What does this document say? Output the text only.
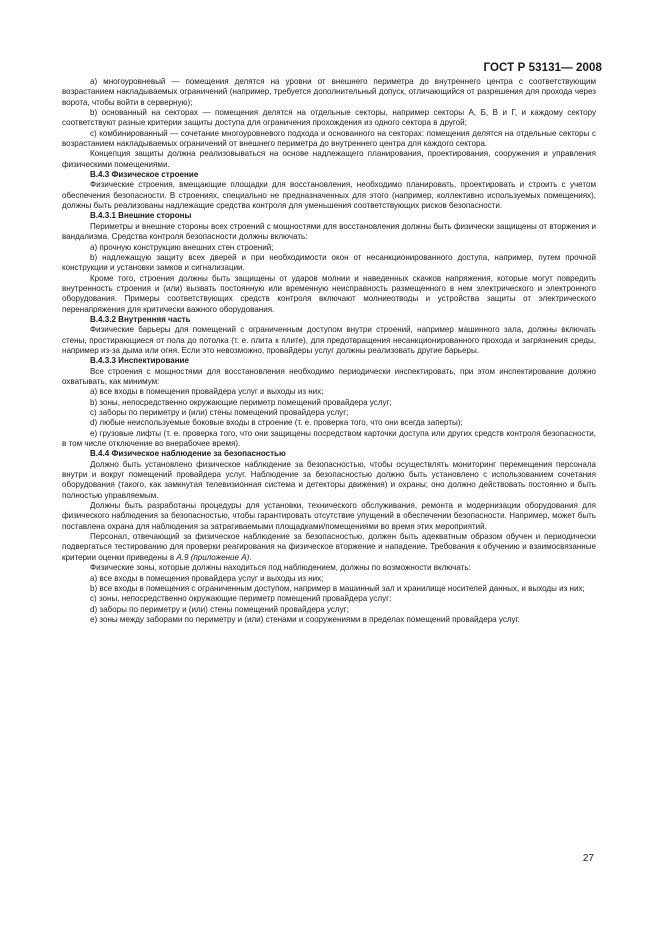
ГОСТ Р 53131— 2008

а) многоуровневый — помещения делятся на уровни от внешнего периметра до внутреннего центра с соответствующим возрастанием накладываемых ограничений (например, требуется дополнительный допуск, отличающийся от разрешения для прохода через ворота, чтобы войти в серверную);

b) основанный на секторах — помещения делятся на отдельные секторы, например секторы А, Б, В и Г, и каждому сектору соответствуют разные критерии защиты доступа для ограничения прохождения из одного сектора в другой;

с) комбинированный — сочетание многоуровневого подхода и основанного на секторах: помещения делятся на отдельные секторы с возрастанием накладываемых ограничений от внешнего периметра до внутреннего центра для каждого сектора.

Концепция защиты должна реализовываться на основе надлежащего планирования, проектирования, сооружения и управления физическими помещениями.

В.4.3 Физическое строение

Физические строения, вмещающие площадки для восстановления, необходимо планировать, проектировать и строить с учетом обеспечения безопасности. В строениях, специально не предназначенных для этого (например, коллективно используемых помещениях), должны быть реализованы надлежащие средства контроля для уменьшения соответствующих рисков безопасности.

В.4.3.1 Внешние стороны

Периметры и внешние стороны всех строений с мощностями для восстановления должны быть физически защищены от вторжения и вандализма. Средства контроля безопасности должны включать:

а) прочную конструкцию внешних стен строений;

b) надлежащую защиту всех дверей и при необходимости окон от несанкционированного доступа, например, путем прочной конструкции и установки замков и сигнализации.

Кроме того, строения должны быть защищены от ударов молнии и наведенных скачков напряжения, которые могут повредить внутренность строения и (или) вызвать постоянную или временную неисправность размещенного в нем электрического и электронного оборудования. Примеры соответствующих средств контроля включают молниеотводы и устройства защиты от электрического перенапряжения для критически важного оборудования.

В.4.3.2 Внутренняя часть

Физические барьеры для помещений с ограниченным доступом внутри строений, например машинного зала, должны включать стены, простирающиеся от пола до потолка (т. е. плита к плите), для предотвращения несанкционированного прохода и загрязнения среды, например из-за дыма или огня. Если это невозможно, провайдеры услуг должны реализовать другие барьеры.

В.4.3.3 Инспектирование

Все строения с мощностями для восстановления необходимо периодически инспектировать, при этом инспектирование должно охватывать, как минимум:

а) все входы в помещения провайдера услуг и выходы из них;

b) зоны, непосредственно окружающие периметр помещений провайдера услуг;

с) заборы по периметру и (или) стены помещений провайдера услуг;

d) любые неиспользуемые боковые входы в строение (т. е. проверка того, что они всегда заперты);

е) грузовые лифты (т. е. проверка того, что они защищены посредством карточки доступа или других средств контроля безопасности, в том числе отключение во внерабочее время).

В.4.4 Физическое наблюдение за безопасностью

Должно быть установлено физическое наблюдение за безопасностью, чтобы осуществлять мониторинг перемещения персонала внутри и вокруг помещений провайдера услуг. Наблюдение за безопасностью должно быть установлено с использованием сочетания оборудования (такого, как замкнутая телевизионная система и детекторы движения) и охраны; оно должно действовать постоянно и быть полностью управляемым.

Должны быть разработаны процедуры для установки, технического обслуживания, ремонта и модернизации оборудования для физического наблюдения за безопасностью, чтобы гарантировать отсутствие упущений в обеспечении безопасности. Например, может быть поставлена охрана для наблюдения за затрагиваемыми площадками/помещениями во время этих мероприятий.

Персонал, отвечающий за физическое наблюдение за безопасностью, должен быть адекватным образом обучен и периодически подвергаться тестированию для проверки реагирования на физическое вторжение и нападение. Требования к обучению и взаимосвязанные критерии оценки приведены в А.9 (приложение А).

Физические зоны, которые должны находиться под наблюдением, должны по возможности включать:

а) все входы в помещения провайдера услуг и выходы из них;

b) все входы в помещения с ограниченным доступом, например в машинный зал и хранилище носителей данных, и выходы из них;

с) зоны, непосредственно окружающие периметр помещений провайдера услуг;

d) заборы по периметру и (или) стены помещений провайдера услуг;

е) зоны между заборами по периметру и (или) стенами и сооружениями в пределах помещений провайдера услуг.

27
